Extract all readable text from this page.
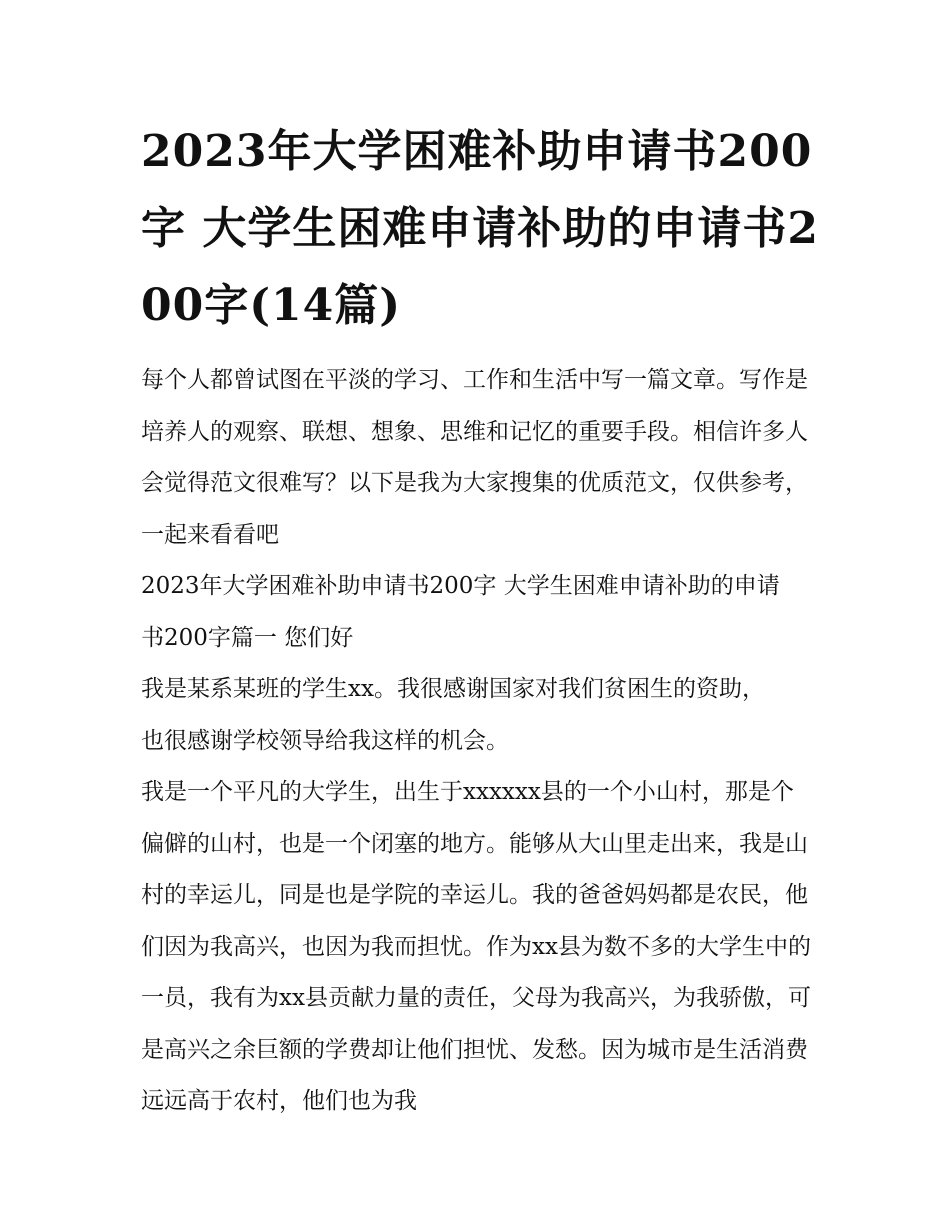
2023年大学困难补助申请书200字 大学生困难申请补助的申请书200字(14篇)

每个人都曾试图在平淡的学习、工作和生活中写一篇文章。写作是培养人的观察、联想、想象、思维和记忆的重要手段。相信许多人会觉得范文很难写？以下是我为大家搜集的优质范文，仅供参考，一起来看看吧

2023年大学困难补助申请书200字 大学生困难申请补助的申请书200字篇一 您们好

我是某系某班的学生xx。我很感谢国家对我们贫困生的资助，也很感谢学校领导给我这样的机会。

我是一个平凡的大学生，出生于xxxxxx县的一个小山村，那是个偏僻的山村，也是一个闭塞的地方。能够从大山里走出来，我是山村的幸运儿，同是也是学院的幸运儿。我的爸爸妈妈都是农民，他们因为我高兴，也因为我而担忧。作为xx县为数不多的大学生中的一员，我有为xx县贡献力量的责任，父母为我高兴，为我骄傲，可是高兴之余巨额的学费却让他们担忧、发愁。因为城市是生活消费远远高于农村，他们也为我
